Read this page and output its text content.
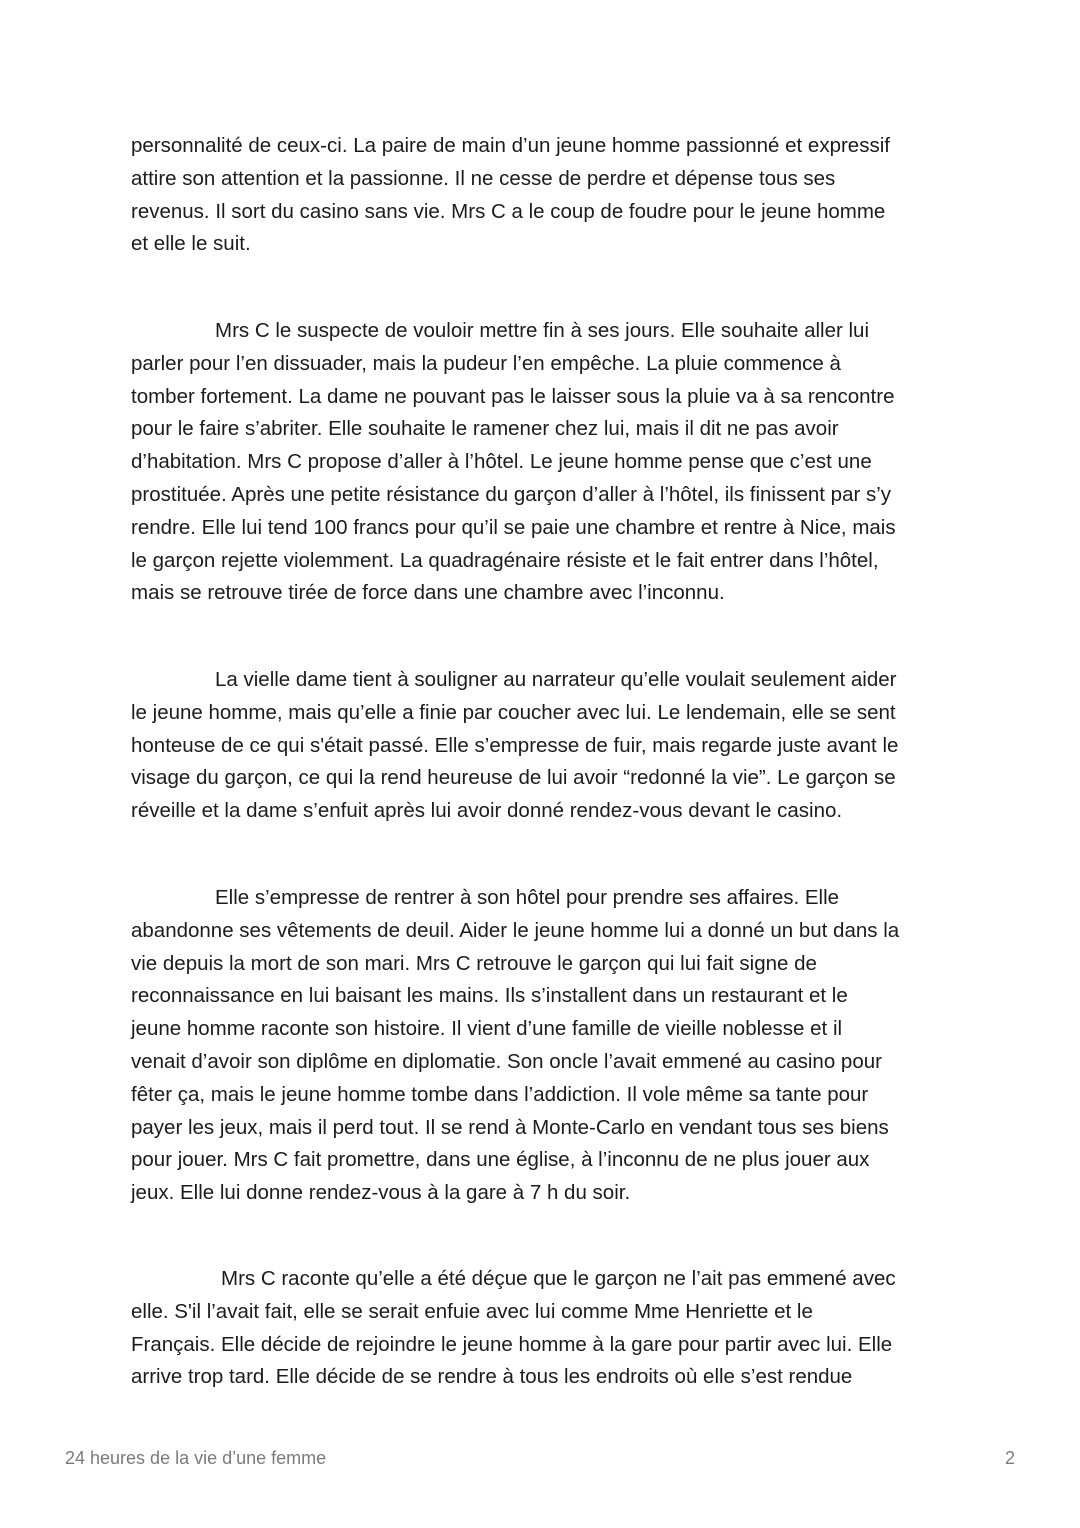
personnalité de ceux-ci. La paire de main d’un jeune homme passionné et expressif
attire son attention et la passionne. Il ne cesse de perdre et dépense tous ses
revenus. Il sort du casino sans vie. Mrs C a le coup de foudre pour le jeune homme
et elle le suit.

Mrs C le suspecte de vouloir mettre fin à ses jours. Elle souhaite aller lui
parler pour l’en dissuader, mais la pudeur l’en empêche. La pluie commence à
tomber fortement. La dame ne pouvant pas le laisser sous la pluie va à sa rencontre
pour le faire s’abriter. Elle souhaite le ramener chez lui, mais il dit ne pas avoir
d’habitation. Mrs C propose d’aller à l’hôtel. Le jeune homme pense que c’est une
prostituée. Après une petite résistance du garçon d’aller à l’hôtel, ils finissent par s’y
rendre. Elle lui tend 100 francs pour qu’il se paie une chambre et rentre à Nice, mais
le garçon rejette violemment. La quadragénaire résiste et le fait entrer dans l’hôtel,
mais se retrouve tirée de force dans une chambre avec l’inconnu.

La vielle dame tient à souligner au narrateur qu’elle voulait seulement aider
le jeune homme, mais qu’elle a finie par coucher avec lui. Le lendemain, elle se sent
honteuse de ce qui s'était passé. Elle s’empresse de fuir, mais regarde juste avant le
visage du garçon, ce qui la rend heureuse de lui avoir “redonné la vie”. Le garçon se
réveille et la dame s’enfuit après lui avoir donné rendez-vous devant le casino.

Elle s’empresse de rentrer à son hôtel pour prendre ses affaires. Elle
abandonne ses vêtements de deuil. Aider le jeune homme lui a donné un but dans la
vie depuis la mort de son mari. Mrs C retrouve le garçon qui lui fait signe de
reconnaissance en lui baisant les mains. Ils s’installent dans un restaurant et le
jeune homme raconte son histoire. Il vient d’une famille de vieille noblesse et il
venait d’avoir son diplôme en diplomatie. Son oncle l’avait emmené au casino pour
fêter ça, mais le jeune homme tombe dans l’addiction. Il vole même sa tante pour
payer les jeux, mais il perd tout. Il se rend à Monte-Carlo en vendant tous ses biens
pour jouer. Mrs C fait promettre, dans une église, à l’inconnu de ne plus jouer aux
jeux. Elle lui donne rendez-vous à la gare à 7 h du soir.

Mrs C raconte qu’elle a été déçue que le garçon ne l’ait pas emmené avec
elle. S'il l’avait fait, elle se serait enfuie avec lui comme Mme Henriette et le
Français. Elle décide de rejoindre le jeune homme à la gare pour partir avec lui. Elle
arrive trop tard. Elle décide de se rendre à tous les endroits où elle s’est rendue

24 heures de la vie d’une femme	2
